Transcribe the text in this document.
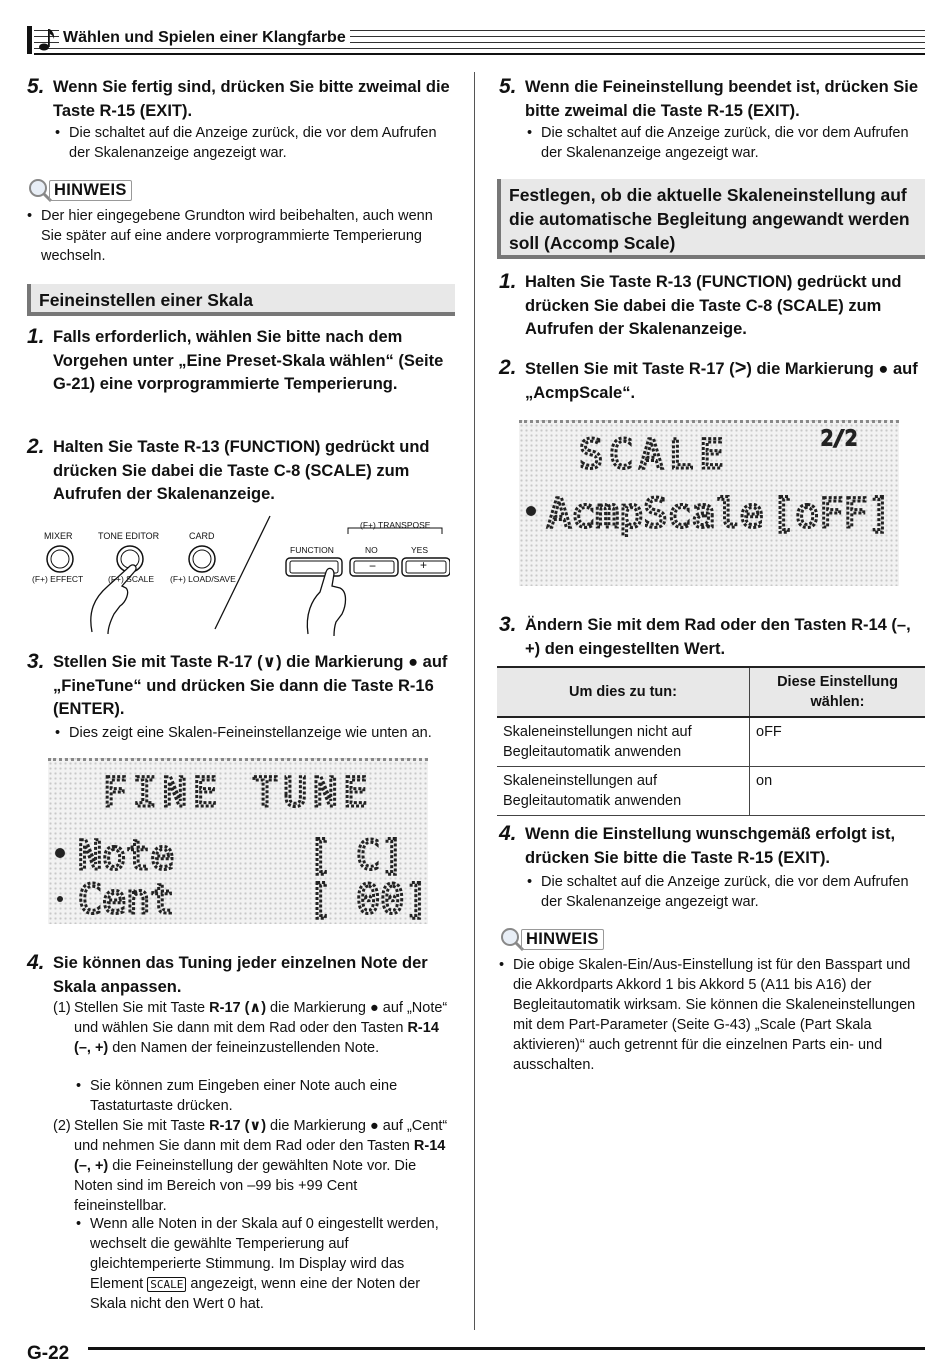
Wählen und Spielen einer Klangfarbe
5. Wenn Sie fertig sind, drücken Sie bitte zweimal die Taste R-15 (EXIT).
• Die schaltet auf die Anzeige zurück, die vor dem Aufrufen der Skalenanzeige angezeigt war.
HINWEIS
• Der hier eingegebene Grundton wird beibehalten, auch wenn Sie später auf eine andere vorprogrammierte Temperierung wechseln.
Feineinstellen einer Skala
1. Falls erforderlich, wählen Sie bitte nach dem Vorgehen unter „Eine Preset-Skala wählen“ (Seite G-21) eine vorprogrammierte Temperierung.
2. Halten Sie Taste R-13 (FUNCTION) gedrückt und drücken Sie dabei die Taste C-8 (SCALE) zum Aufrufen der Skalenanzeige.
MIXER
(F+) EFFECT
TONE EDITOR
(F+) SCALE
CARD
(F+) LOAD/SAVE
(F+) TRANSPOSE
FUNCTION	NO	YES
−	+
3. Stellen Sie mit Taste R-17 (∨) die Markierung ● auf „FineTune“ und drücken Sie dann die Taste R-16 (ENTER).
• Dies zeigt eine Skalen-Feineinstellanzeige wie unten an.
FINE TUNE
Note	[ C]
Cent	[ 00]
4. Sie können das Tuning jeder einzelnen Note der Skala anpassen.
(1) Stellen Sie mit Taste R-17 (∧) die Markierung ● auf „Note“ und wählen Sie dann mit dem Rad oder den Tasten R-14 (–, +) den Namen der feineinzustellenden Note.
• Sie können zum Eingeben einer Note auch eine Tastaturtaste drücken.
(2) Stellen Sie mit Taste R-17 (∨) die Markierung ● auf „Cent“ und nehmen Sie dann mit dem Rad oder den Tasten R-14 (–, +) die Feineinstellung der gewählten Note vor. Die Noten sind im Bereich von –99 bis +99 Cent feineinstellbar.
• Wenn alle Noten in der Skala auf 0 eingestellt werden, wechselt die gewählte Temperierung auf gleichtemperierte Stimmung. Im Display wird das Element SCALE angezeigt, wenn eine der Noten der Skala nicht den Wert 0 hat.
5. Wenn die Feineinstellung beendet ist, drücken Sie bitte zweimal die Taste R-15 (EXIT).
• Die schaltet auf die Anzeige zurück, die vor dem Aufrufen der Skalenanzeige angezeigt war.
Festlegen, ob die aktuelle Skaleneinstellung auf die automatische Begleitung angewandt werden soll (Accomp Scale)
1. Halten Sie Taste R-13 (FUNCTION) gedrückt und drücken Sie dabei die Taste C-8 (SCALE) zum Aufrufen der Skalenanzeige.
2. Stellen Sie mit Taste R-17 (>) die Markierung ● auf „AcmpScale“.
SCALE	2/2
AcmpScale [oFF]
3. Ändern Sie mit dem Rad oder den Tasten R-14 (–, +) den eingestellten Wert.
Um dies zu tun:	Diese Einstellung wählen:
Skaleneinstellungen nicht auf Begleitautomatik anwenden	oFF
Skaleneinstellungen auf Begleitautomatik anwenden	on
4. Wenn die Einstellung wunschgemäß erfolgt ist, drücken Sie bitte die Taste R-15 (EXIT).
• Die schaltet auf die Anzeige zurück, die vor dem Aufrufen der Skalenanzeige angezeigt war.
HINWEIS
• Die obige Skalen-Ein/Aus-Einstellung ist für den Basspart und die Akkordparts Akkord 1 bis Akkord 5 (A11 bis A16) der Begleitautomatik wirksam. Sie können die Skaleneinstellungen mit dem Part-Parameter (Seite G-43) „Scale (Part Skala aktivieren)“ auch getrennt für die einzelnen Parts ein- und ausschalten.
G-22
